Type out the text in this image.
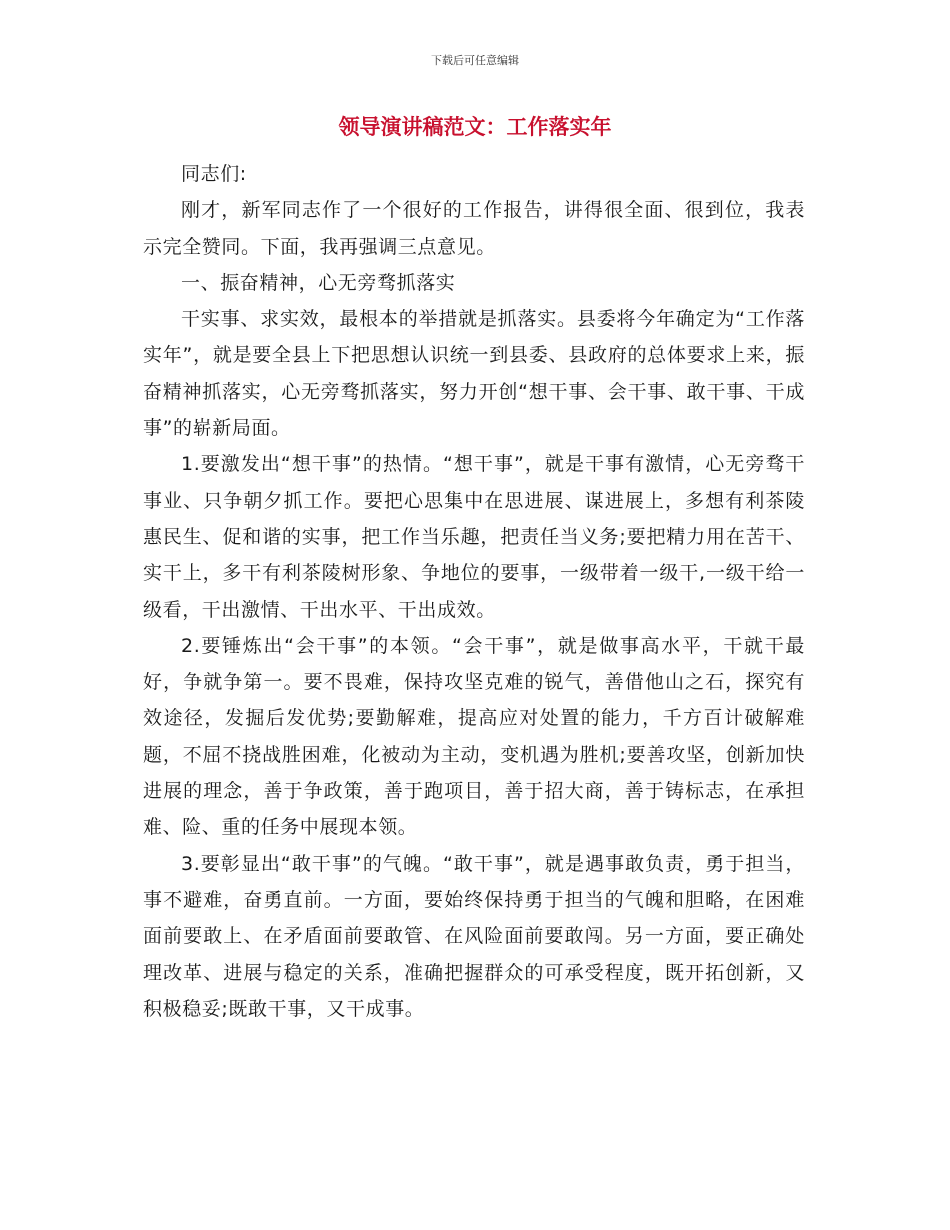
下载后可任意编辑
领导演讲稿范文：工作落实年

同志们:

刚才，新军同志作了一个很好的工作报告，讲得很全面、很到位，我表示完全赞同。下面，我再强调三点意见。

一、振奋精神，心无旁骛抓落实

干实事、求实效，最根本的举措就是抓落实。县委将今年确定为“工作落实年”，就是要全县上下把思想认识统一到县委、县政府的总体要求上来，振奋精神抓落实，心无旁骛抓落实，努力开创“想干事、会干事、敢干事、干成事”的崭新局面。

1.要激发出“想干事”的热情。“想干事”，就是干事有激情，心无旁骛干事业、只争朝夕抓工作。要把心思集中在思进展、谋进展上，多想有利茶陵惠民生、促和谐的实事，把工作当乐趣，把责任当义务;要把精力用在苦干、实干上，多干有利茶陵树形象、争地位的要事，一级带着一级干,一级干给一级看，干出激情、干出水平、干出成效。

2.要锤炼出“会干事”的本领。“会干事”，就是做事高水平，干就干最好，争就争第一。要不畏难，保持攻坚克难的锐气，善借他山之石，探究有效途径，发掘后发优势;要勤解难，提高应对处置的能力，千方百计破解难题，不屈不挠战胜困难，化被动为主动，变机遇为胜机;要善攻坚，创新加快进展的理念，善于争政策，善于跑项目，善于招大商，善于铸标志，在承担难、险、重的任务中展现本领。

3.要彰显出“敢干事”的气魄。“敢干事”，就是遇事敢负责，勇于担当，事不避难，奋勇直前。一方面，要始终保持勇于担当的气魄和胆略，在困难面前要敢上、在矛盾面前要敢管、在风险面前要敢闯。另一方面，要正确处理改革、进展与稳定的关系，准确把握群众的可承受程度，既开拓创新，又积极稳妥;既敢干事，又干成事。
